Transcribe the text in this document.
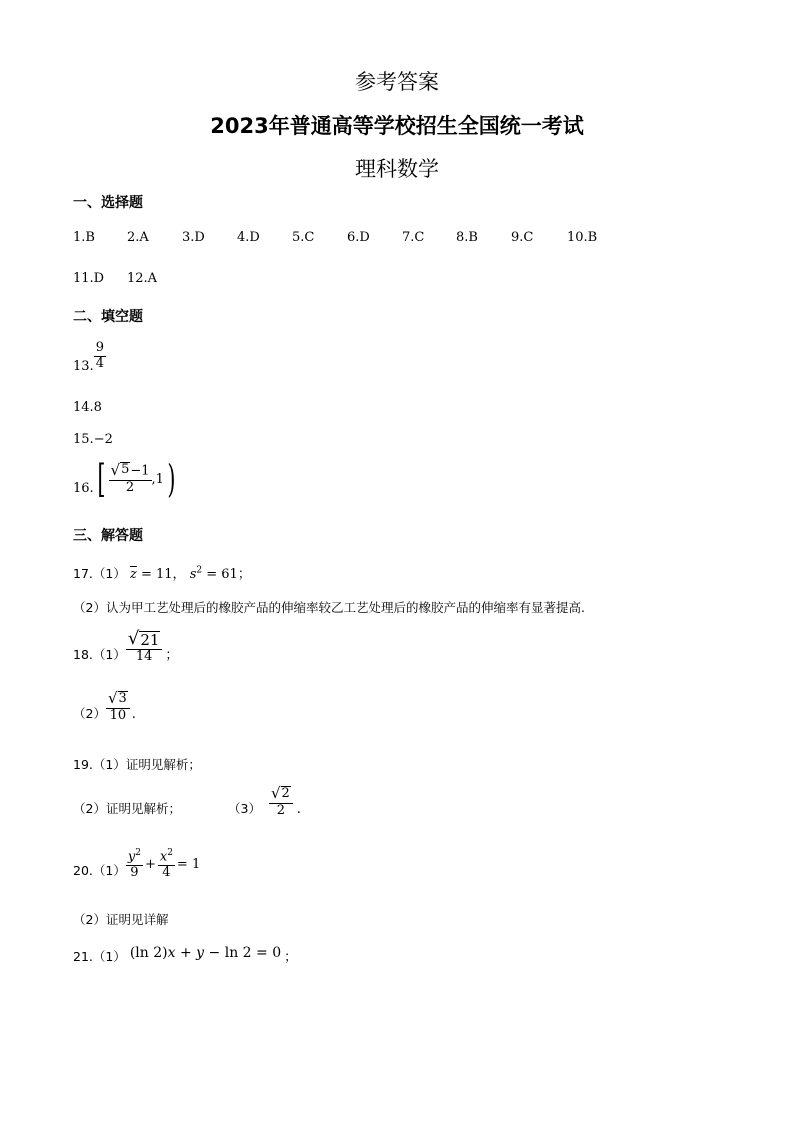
参考答案
2023年普通高等学校招生全国统一考试
理科数学
一、选择题
1.B 2.A	3.D 4.D 5.C	6.D 7.C 8.B	9.C	10.B
11.D 12.A
二、填空题
13. $\frac{9}{4}$
14.8
15.−2
16. [ $\frac{√ 5 -1}{2} ,1$ )
三、解答题
17.（1） $\overline{z} = 11$， $s^2 = 61$；
（2）认为甲工艺处理后的橡胶产品的伸缩率较乙工艺处理后的橡胶产品的伸缩率有显著提高.
$18.(1) \frac{√ 21}{14}$ ；
$(2) \frac{√ 3}{10}$ .
19.（1）证明见解析；
（2）证明见解析；	$(3) \frac{√ 2}{2}$ .
$20.(1) \frac{y^2}{9} + \frac{x^2}{4} = 1$
（2）证明见详解
21.（1） (ln 2)x + y − ln 2 = 0 ；
